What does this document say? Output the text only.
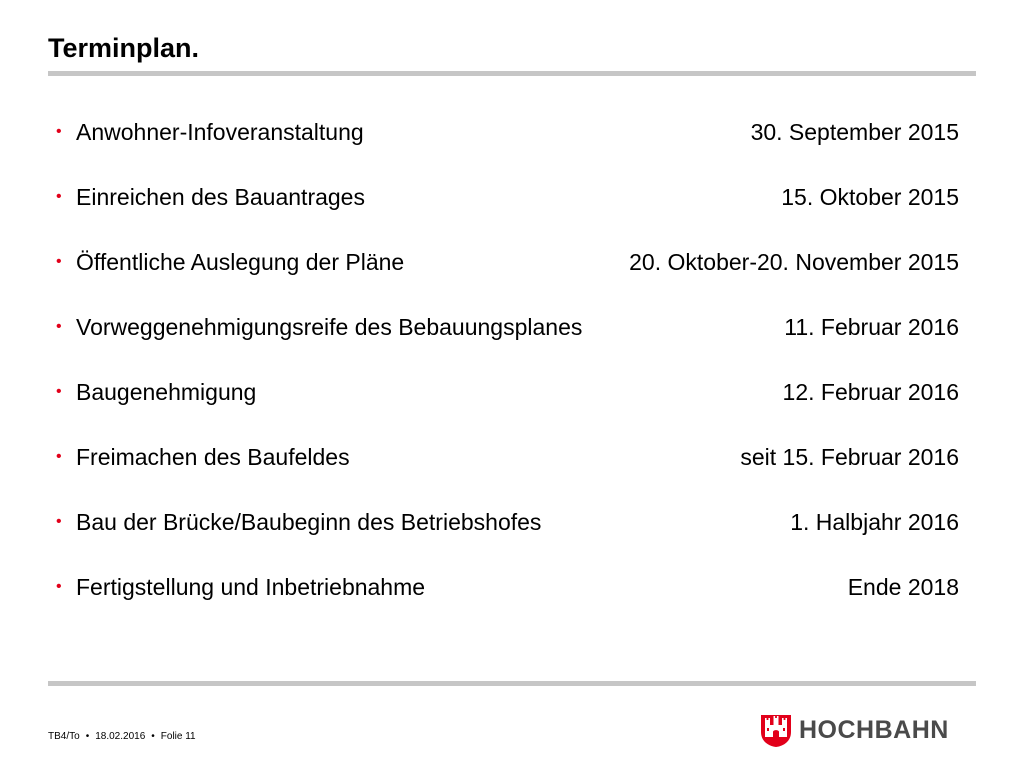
Terminplan.
• Anwohner-Infoveranstaltung	30. September 2015
• Einreichen des Bauantrages	15. Oktober 2015
• Öffentliche Auslegung der Pläne	20. Oktober-20. November 2015
• Vorweggenehmigungsreife des Bebauungsplanes	11. Februar 2016
• Baugenehmigung	12. Februar 2016
• Freimachen des Baufeldes	seit 15. Februar 2016
• Bau der Brücke/Baubeginn des Betriebshofes	1. Halbjahr 2016
• Fertigstellung und Inbetriebnahme	Ende 2018
TB4/To • 18.02.2016 • Folie 11	HOCHBAHN
